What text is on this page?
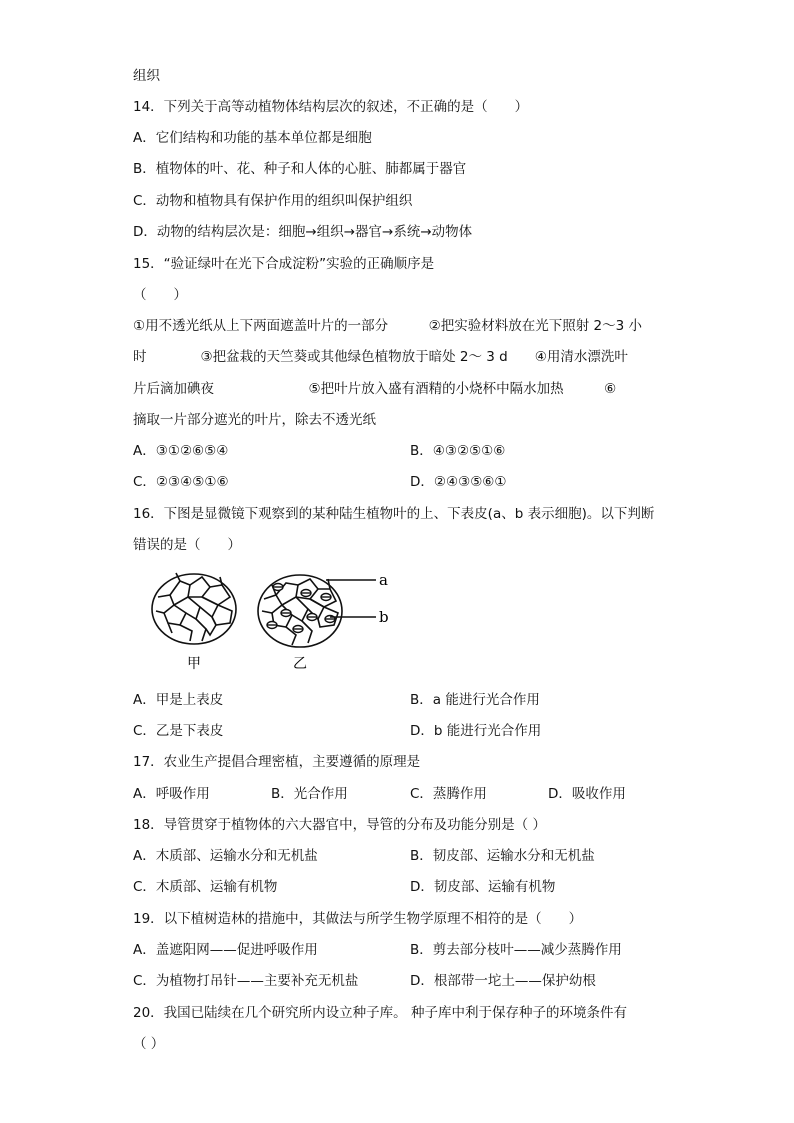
组织
14．下列关于高等动植物体结构层次的叙述，不正确的是（　　）
A．它们结构和功能的基本单位都是细胞
B．植物体的叶、花、种子和人体的心脏、肺都属于器官
C．动物和植物具有保护作用的组织叫保护组织
D．动物的结构层次是：细胞→组织→器官→系统→动物体
15．“验证绿叶在光下合成淀粉”实验的正确顺序是
（　　）
①用不透光纸从上下两面遮盖叶片的一部分　　　②把实验材料放在光下照射 2～3 小
时　　　　③把盆栽的天竺葵或其他绿色植物放于暗处 2～ 3 d　　④用清水漂洗叶
片后滴加碘夜　　　　　　　⑤把叶片放入盛有酒精的小烧杯中隔水加热　　　⑥
摘取一片部分遮光的叶片，除去不透光纸
A．③①②⑥⑤④	B．④③②⑤①⑥
C．②③④⑤①⑥	D．②④③⑤⑥①
16．下图是显微镜下观察到的某种陆生植物叶的上、下表皮(a、b 表示细胞)。以下判断
错误的是（　　）
a
b
甲	乙
A．甲是上表皮	B．a 能进行光合作用
C．乙是下表皮	D．b 能进行光合作用
17．农业生产提倡合理密植，主要遵循的原理是
A．呼吸作用	B．光合作用	C．蒸腾作用	D．吸收作用
18．导管贯穿于植物体的六大器官中，导管的分布及功能分别是（ ）
A．木质部、运输水分和无机盐	B．韧皮部、运输水分和无机盐
C．木质部、运输有机物	D．韧皮部、运输有机物
19．以下植树造林的措施中，其做法与所学生物学原理不相符的是（　　）
A．盖遮阳网——促进呼吸作用	B．剪去部分枝叶——减少蒸腾作用
C．为植物打吊针——主要补充无机盐	D．根部带一坨土——保护幼根
20．我国已陆续在几个研究所内设立种子库。 种子库中利于保存种子的环境条件有
（ ）
